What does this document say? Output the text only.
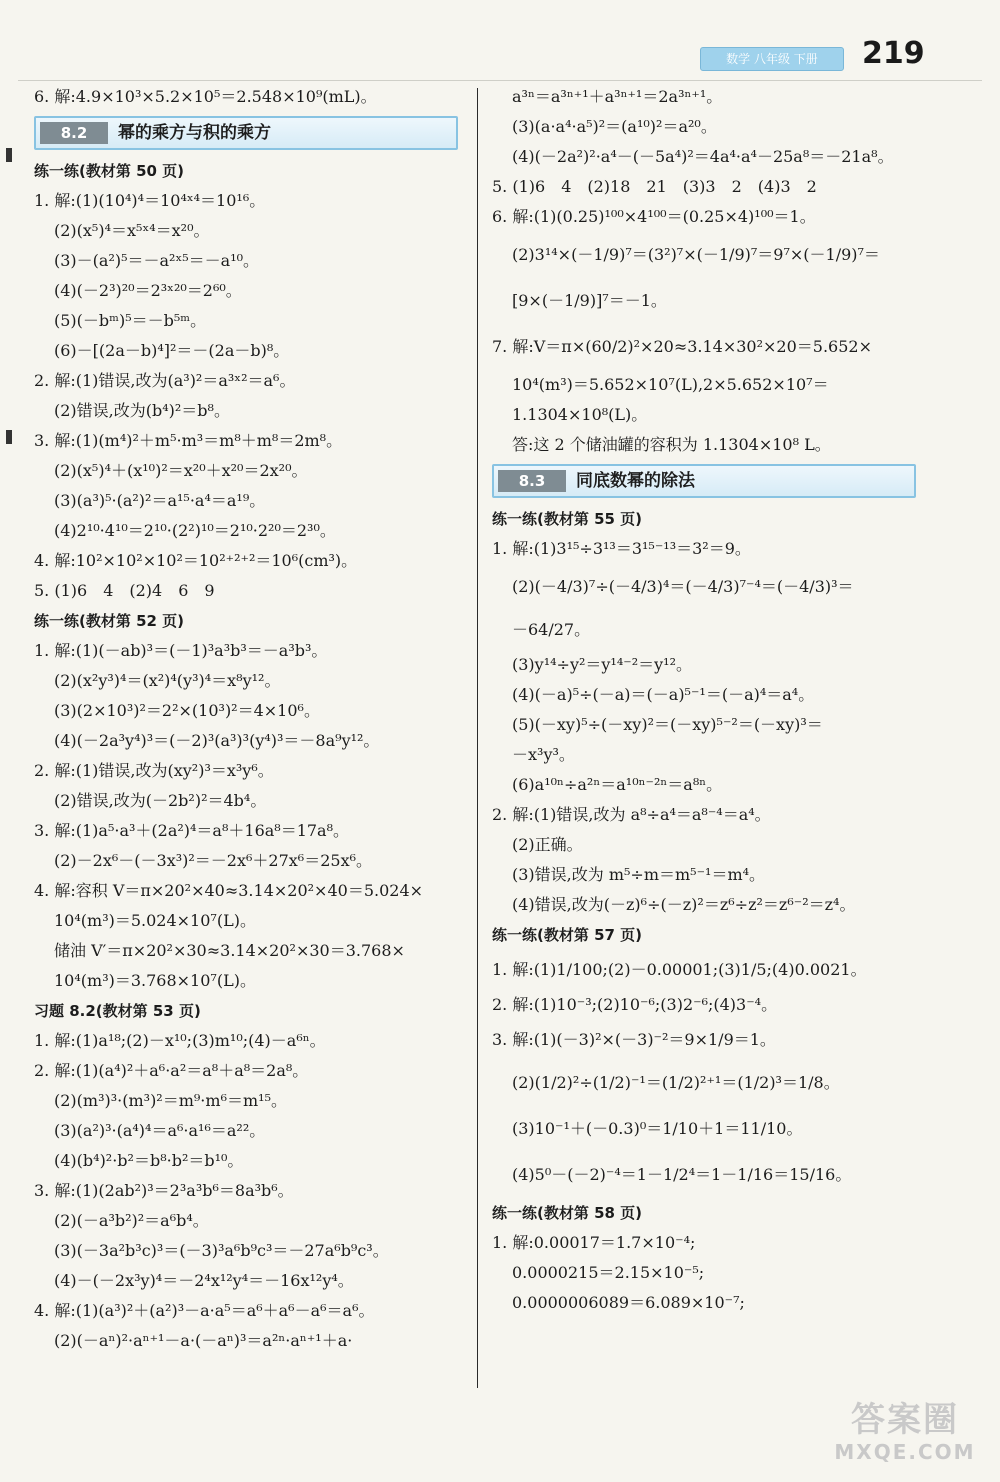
数学 八年级 下册	219
6. 解:4.9×10³×5.2×10⁵＝2.548×10⁹(mL)。
8.2	幂的乘方与积的乘方
练一练(教材第 50 页)
1. 解:(1)(10⁴)⁴＝10⁴ˣ⁴＝10¹⁶。
(2)(x⁵)⁴＝x⁵ˣ⁴＝x²⁰。
(3)－(a²)⁵＝－a²ˣ⁵＝－a¹⁰。
(4)(－2³)²⁰＝2³ˣ²⁰＝2⁶⁰。
(5)(－bᵐ)⁵＝－b⁵ᵐ。
(6)－[(2a－b)⁴]²＝－(2a－b)⁸。
2. 解:(1)错误,改为(a³)²＝a³ˣ²＝a⁶。
(2)错误,改为(b⁴)²＝b⁸。
3. 解:(1)(m⁴)²＋m⁵·m³＝m⁸＋m⁸＝2m⁸。
(2)(x⁵)⁴＋(x¹⁰)²＝x²⁰＋x²⁰＝2x²⁰。
(3)(a³)⁵·(a²)²＝a¹⁵·a⁴＝a¹⁹。
(4)2¹⁰·4¹⁰＝2¹⁰·(2²)¹⁰＝2¹⁰·2²⁰＝2³⁰。
4. 解:10²×10²×10²＝10²⁺²⁺²＝10⁶(cm³)。
5. (1)6　4　(2)4　6　9
练一练(教材第 52 页)
1. 解:(1)(－ab)³＝(－1)³a³b³＝－a³b³。
(2)(x²y³)⁴＝(x²)⁴(y³)⁴＝x⁸y¹²。
(3)(2×10³)²＝2²×(10³)²＝4×10⁶。
(4)(－2a³y⁴)³＝(－2)³(a³)³(y⁴)³＝－8a⁹y¹²。
2. 解:(1)错误,改为(xy²)³＝x³y⁶。
(2)错误,改为(－2b²)²＝4b⁴。
3. 解:(1)a⁵·a³＋(2a²)⁴＝a⁸＋16a⁸＝17a⁸。
(2)－2x⁶－(－3x³)²＝－2x⁶＋27x⁶＝25x⁶。
4. 解:容积 V＝π×20²×40≈3.14×20²×40＝5.024×
10⁴(m³)＝5.024×10⁷(L)。
储油 V′＝π×20²×30≈3.14×20²×30＝3.768×
10⁴(m³)＝3.768×10⁷(L)。
习题 8.2(教材第 53 页)
1. 解:(1)a¹⁸;(2)－x¹⁰;(3)m¹⁰;(4)－a⁶ⁿ。
2. 解:(1)(a⁴)²＋a⁶·a²＝a⁸＋a⁸＝2a⁸。
(2)(m³)³·(m³)²＝m⁹·m⁶＝m¹⁵。
(3)(a²)³·(a⁴)⁴＝a⁶·a¹⁶＝a²²。
(4)(b⁴)²·b²＝b⁸·b²＝b¹⁰。
3. 解:(1)(2ab²)³＝2³a³b⁶＝8a³b⁶。
(2)(－a³b²)²＝a⁶b⁴。
(3)(－3a²b³c)³＝(－3)³a⁶b⁹c³＝－27a⁶b⁹c³。
(4)－(－2x³y)⁴＝－2⁴x¹²y⁴＝－16x¹²y⁴。
4. 解:(1)(a³)²＋(a²)³－a·a⁵＝a⁶＋a⁶－a⁶＝a⁶。
(2)(－aⁿ)²·aⁿ⁺¹－a·(－aⁿ)³＝a²ⁿ·aⁿ⁺¹＋a·
a³ⁿ＝a³ⁿ⁺¹＋a³ⁿ⁺¹＝2a³ⁿ⁺¹。
(3)(a·a⁴·a⁵)²＝(a¹⁰)²＝a²⁰。
(4)(－2a²)²·a⁴－(－5a⁴)²＝4a⁴·a⁴－25a⁸＝－21a⁸。
5. (1)6　4　(2)18　21　(3)3　2　(4)3　2
6. 解:(1)(0.25)¹⁰⁰×4¹⁰⁰＝(0.25×4)¹⁰⁰＝1。
(2)3¹⁴×(－1/9)⁷＝(3²)⁷×(－1/9)⁷＝9⁷×(－1/9)⁷＝
[9×(－1/9)]⁷＝－1。
7. 解:V＝π×(60/2)²×20≈3.14×30²×20＝5.652×
10⁴(m³)＝5.652×10⁷(L),2×5.652×10⁷＝
1.1304×10⁸(L)。
答:这 2 个储油罐的容积为 1.1304×10⁸ L。
8.3	同底数幂的除法
练一练(教材第 55 页)
1. 解:(1)3¹⁵÷3¹³＝3¹⁵⁻¹³＝3²＝9。
(2)(－4/3)⁷÷(－4/3)⁴＝(－4/3)⁷⁻⁴＝(－4/3)³＝
－64/27。
(3)y¹⁴÷y²＝y¹⁴⁻²＝y¹²。
(4)(－a)⁵÷(－a)＝(－a)⁵⁻¹＝(－a)⁴＝a⁴。
(5)(－xy)⁵÷(－xy)²＝(－xy)⁵⁻²＝(－xy)³＝
－x³y³。
(6)a¹⁰ⁿ÷a²ⁿ＝a¹⁰ⁿ⁻²ⁿ＝a⁸ⁿ。
2. 解:(1)错误,改为 a⁸÷a⁴＝a⁸⁻⁴＝a⁴。
(2)正确。
(3)错误,改为 m⁵÷m＝m⁵⁻¹＝m⁴。
(4)错误,改为(－z)⁶÷(－z)²＝z⁶÷z²＝z⁶⁻²＝z⁴。
练一练(教材第 57 页)
1. 解:(1)1/100;(2)－0.00001;(3)1/5;(4)0.0021。
2. 解:(1)10⁻³;(2)10⁻⁶;(3)2⁻⁶;(4)3⁻⁴。
3. 解:(1)(－3)²×(－3)⁻²＝9×1/9＝1。
(2)(1/2)²÷(1/2)⁻¹＝(1/2)²⁺¹＝(1/2)³＝1/8。
(3)10⁻¹＋(－0.3)⁰＝1/10＋1＝11/10。
(4)5⁰－(－2)⁻⁴＝1－1/2⁴＝1－1/16＝15/16。
练一练(教材第 58 页)
1. 解:0.00017＝1.7×10⁻⁴;
0.0000215＝2.15×10⁻⁵;
0.0000006089＝6.089×10⁻⁷;
答案圈
MXQE.COM
